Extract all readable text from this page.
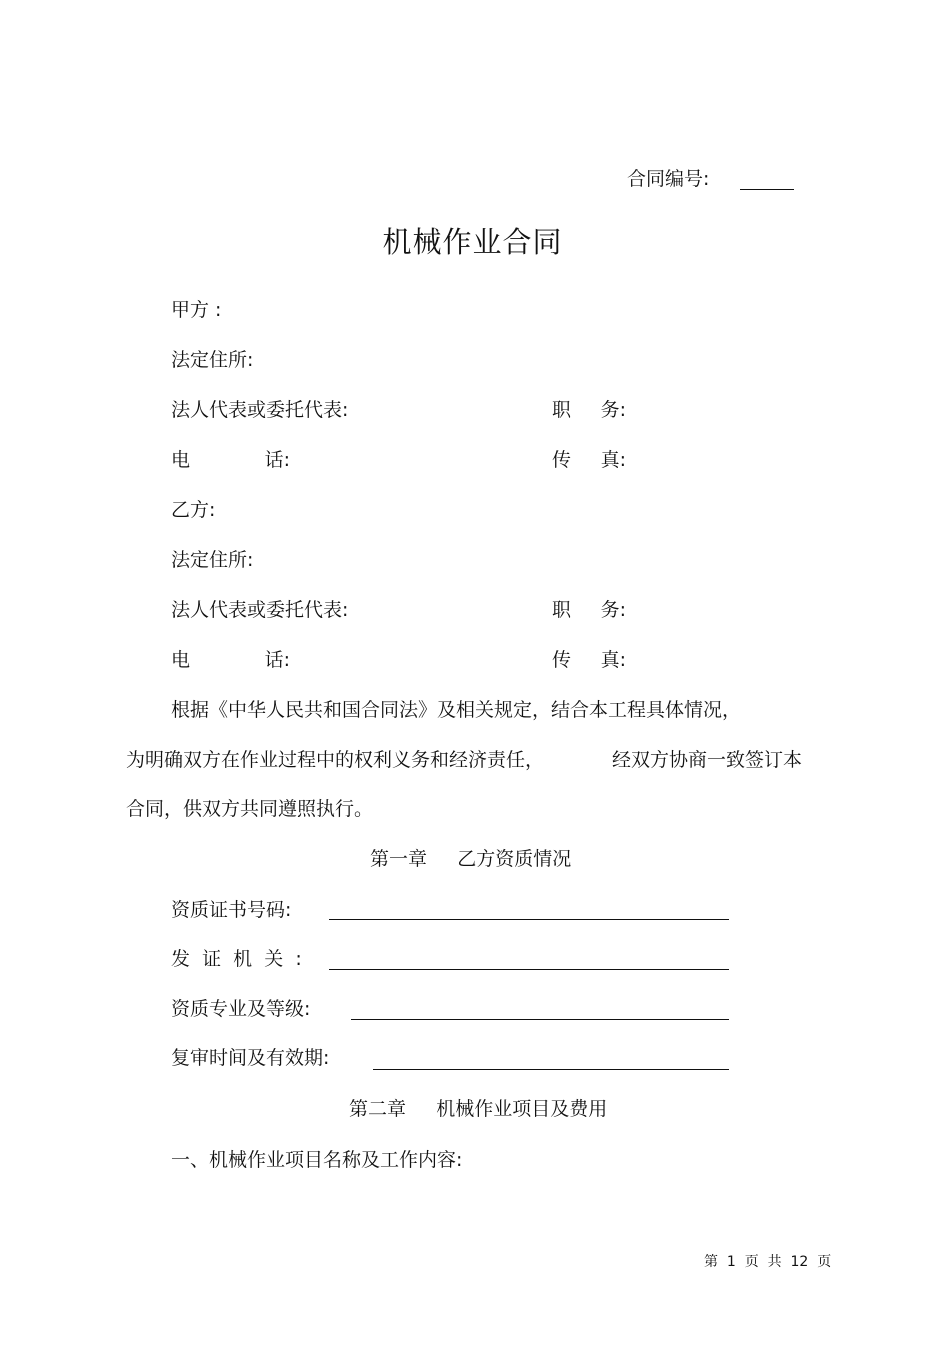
合同编号:
机械作业合同
甲方 :
法定住所:
法人代表或委托代表:	职 务:
电	话:	传 真:
乙方:
法定住所:
法人代表或委托代表:	职 务:
电	话:	传 真:
根据《中华人民共和国合同法》及相关规定，结合本工程具体情况，
为明确双方在作业过程中的权利义务和经济责任，	经双方协商一致签订本
合同，供双方共同遵照执行。
第一章     乙方资质情况
资质证书号码:
发  证  机  关  :
资质专业及等级:
复审时间及有效期:
第二章     机械作业项目及费用
一、机械作业项目名称及工作内容:
第  1  页  共  12  页
